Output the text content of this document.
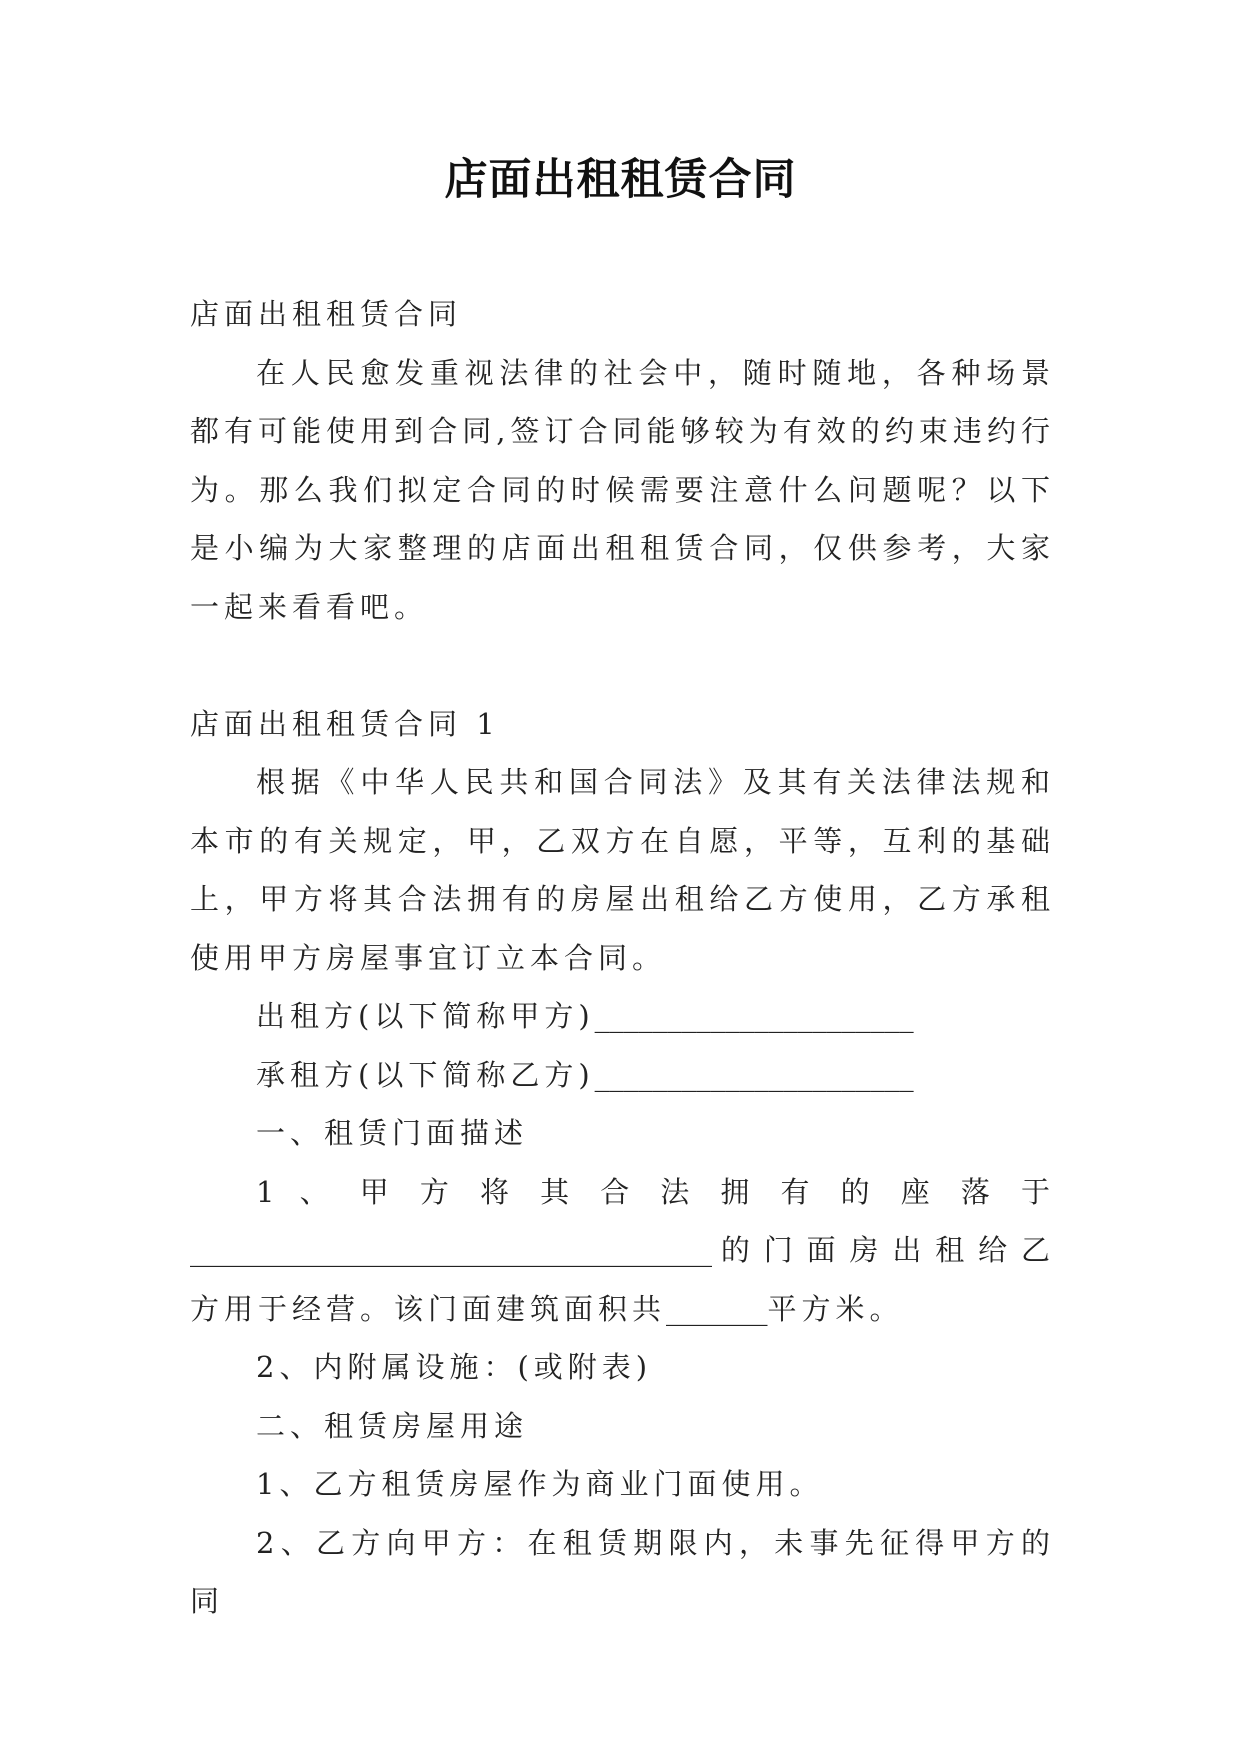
店面出租租赁合同

店面出租租赁合同

在人民愈发重视法律的社会中，随时随地，各种场景都有可能使用到合同,签订合同能够较为有效的约束违约行为。那么我们拟定合同的时候需要注意什么问题呢？以下是小编为大家整理的店面出租租赁合同，仅供参考，大家一起来看看吧。

店面出租租赁合同 1

根据《中华人民共和国合同法》及其有关法律法规和本市的有关规定，甲，乙双方在自愿，平等，互利的基础上，甲方将其合法拥有的房屋出租给乙方使用，乙方承租使用甲方房屋事宜订立本合同。

出租方(以下简称甲方)______________________

承租方(以下简称乙方)______________________

一、租赁门面描述

1 、 甲 方 将 其 合 法 拥 有 的 座 落 于

____________________________________的门面房出租给乙

方用于经营。该门面建筑面积共_______平方米。

2、内附属设施：(或附表)

二、租赁房屋用途

1、乙方租赁房屋作为商业门面使用。

2、乙方向甲方：在租赁期限内，未事先征得甲方的同
